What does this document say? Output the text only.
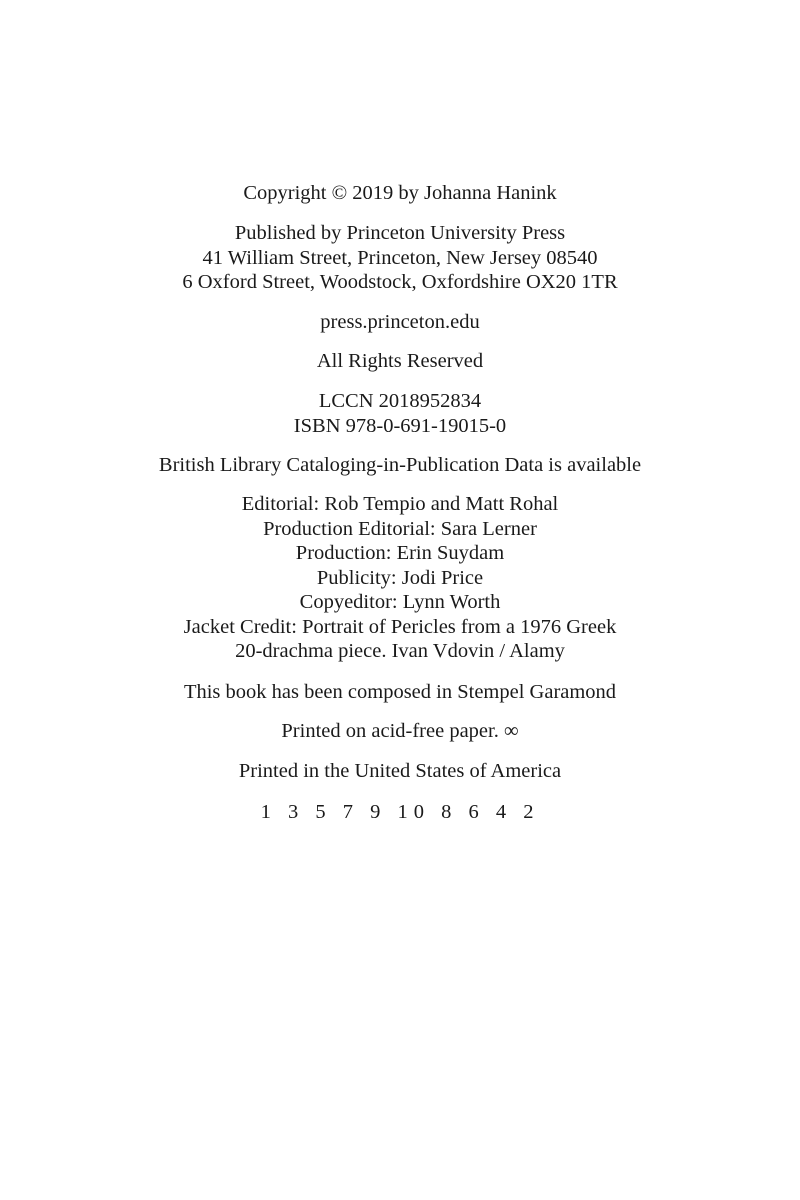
Copyright © 2019 by Johanna Hanink
Published by Princeton University Press
41 William Street, Princeton, New Jersey 08540
6 Oxford Street, Woodstock, Oxfordshire OX20 1TR
press.princeton.edu
All Rights Reserved
LCCN 2018952834
ISBN 978-0-691-19015-0
British Library Cataloging-in-Publication Data is available
Editorial: Rob Tempio and Matt Rohal
Production Editorial: Sara Lerner
Production: Erin Suydam
Publicity: Jodi Price
Copyeditor: Lynn Worth
Jacket Credit: Portrait of Pericles from a 1976 Greek
20-drachma piece. Ivan Vdovin / Alamy
This book has been composed in Stempel Garamond
Printed on acid-free paper. ∞
Printed in the United States of America
1 3 5 7 9 10 8 6 4 2
